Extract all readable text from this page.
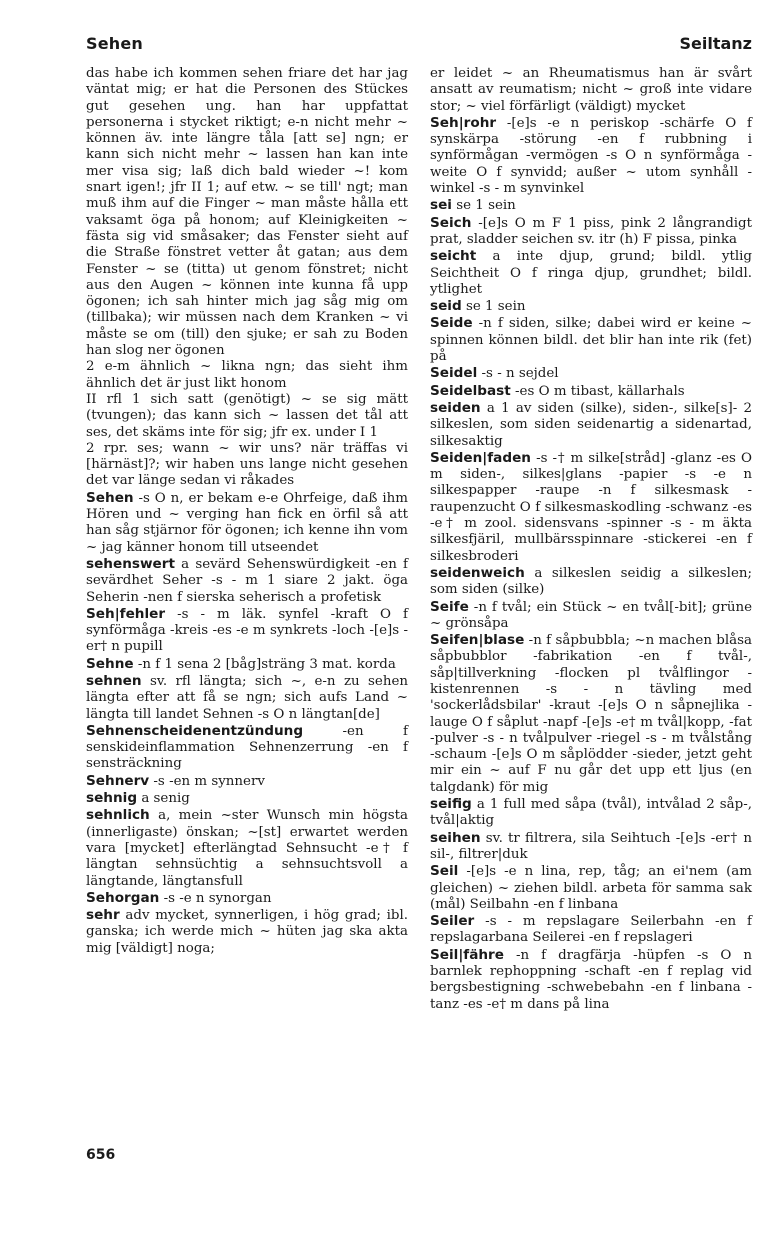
Sehen	Seiltanz

das habe ich kommen sehen friare det har jag väntat mig; er hat die Personen des Stückes gut gesehen ung. han har uppfattat personerna i stycket riktigt; e-n nicht mehr ~ können äv. inte längre tåla [att se] ngn; er kann sich nicht mehr ~ lassen han kan inte mer visa sig; laß dich bald wieder ~! kom snart igen!; jfr II 1; auf etw. ~ se till' ngt; man muß ihm auf die Finger ~ man måste hålla ett vaksamt öga på honom; auf Kleinigkeiten ~ fästa sig vid småsaker; das Fenster sieht auf die Straße fönstret vetter åt gatan; aus dem Fenster ~ se (titta) ut genom fönstret; nicht aus den Augen ~ können inte kunna få upp ögonen; ich sah hinter mich jag såg mig om (tillbaka); wir müssen nach dem Kranken ~ vi måste se om (till) den sjuke; er sah zu Boden han slog ner ögonen

2 e-m ähnlich ~ likna ngn; das sieht ihm ähnlich det är just likt honom

II rfl 1 sich satt (genötigt) ~ se sig mätt (tvungen); das kann sich ~ lassen det tål att ses, det skäms inte för sig; jfr ex. under I 1

2 rpr. ses; wann ~ wir uns? när träffas vi [härnäst]?; wir haben uns lange nicht gesehen det var länge sedan vi råkades

Sehen -s O n, er bekam e-e Ohrfeige, daß ihm Hören und ~ verging han fick en örfil så att han såg stjärnor för ögonen; ich kenne ihn vom ~ jag känner honom till utseendet

sehenswert a sevärd Sehenswürdigkeit -en f sevärdhet Seher -s - m 1 siare 2 jakt. öga Seherin -nen f sierska seherisch a profetisk

Seh|fehler -s - m läk. synfel -kraft O f synförmåga -kreis -es -e m synkrets -loch -[e]s -er† n pupill

Sehne -n f 1 sena 2 [båg]sträng 3 mat. korda

sehnen sv. rfl längta; sich ~, e-n zu sehen längta efter att få se ngn; sich aufs Land ~ längta till landet Sehnen -s O n längtan[de]

Sehnenscheidenentzündung -en f senskideinflammation Sehnenzerrung -en f sensträckning

Sehnerv -s -en m synnerv

sehnig a senig

sehnlich a, mein ~ster Wunsch min högsta (innerligaste) önskan; ~[st] erwartet werden vara [mycket] efterlängtad Sehnsucht -e† f längtan sehnsüchtig a sehnsuchtsvoll a längtande, längtansfull

Sehorgan -s -e n synorgan

sehr adv mycket, synnerligen, i hög grad; ibl. ganska; ich werde mich ~ hüten jag ska akta mig [väldigt] noga;

er leidet ~ an Rheumatismus han är svårt ansatt av reumatism; nicht ~ groß inte vidare stor; ~ viel förfärligt (väldigt) mycket

Seh|rohr -[e]s -e n periskop -schärfe O f synskärpa -störung -en f rubbning i synförmågan -vermögen -s O n synförmåga -weite O f synvidd; außer ~ utom synhåll -winkel -s - m synvinkel

sei se 1 sein

Seich -[e]s O m F 1 piss, pink 2 långrandigt prat, sladder seichen sv. itr (h) F pissa, pinka

seicht a inte djup, grund; bildl. ytlig Seichtheit O f ringa djup, grundhet; bildl. ytlighet

seid se 1 sein

Seide -n f siden, silke; dabei wird er keine ~ spinnen können bildl. det blir han inte rik (fet) på

Seidel -s - n sejdel

Seidelbast -es O m tibast, källarhals

seiden a 1 av siden (silke), siden-, silke[s]- 2 silkeslen, som siden seidenartig a sidenartad, silkesaktig

Seiden|faden -s -† m silke[stråd] -glanz -es O m siden-, silkes|glans -papier -s -e n silkespapper -raupe -n f silkesmask -raupenzucht O f silkesmaskodling -schwanz -es -e† m zool. sidensvans -spinner -s - m äkta silkesfjäril, mullbärsspinnare -stickerei -en f silkesbroderi

seidenweich a silkeslen seidig a silkeslen; som siden (silke)

Seife -n f tvål; ein Stück ~ en tvål[-bit]; grüne ~ grönsåpa

Seifen|blase -n f såpbubbla; ~n machen blåsa såpbubblor -fabrikation -en f tvål-, såp|tillverkning -flocken pl tvålflingor -kistenrennen -s - n tävling med 'sockerlådsbilar' -kraut -[e]s O n såpnejlika -lauge O f såplut -napf -[e]s -e† m tvål|kopp, -fat -pulver -s - n tvålpulver -riegel -s - m tvålstång -schaum -[e]s O m såplödder -sieder, jetzt geht mir ein ~ auf F nu går det upp ett ljus (en talgdank) för mig

seifig a 1 full med såpa (tvål), intvålad 2 såp-, tvål|aktig

seihen sv. tr filtrera, sila Seihtuch -[e]s -er† n sil-, filtrer|duk

Seil -[e]s -e n lina, rep, tåg; an ei'nem (am gleichen) ~ ziehen bildl. arbeta för samma sak (mål) Seilbahn -en f linbana

Seiler -s - m repslagare Seilerbahn -en f repslagarbana Seilerei -en f repslageri

Seil|fähre -n f dragfärja -hüpfen -s O n barnlek rephoppning -schaft -en f replag vid bergsbestigning -schwebebahn -en f linbana -tanz -es -e† m dans på lina

656
